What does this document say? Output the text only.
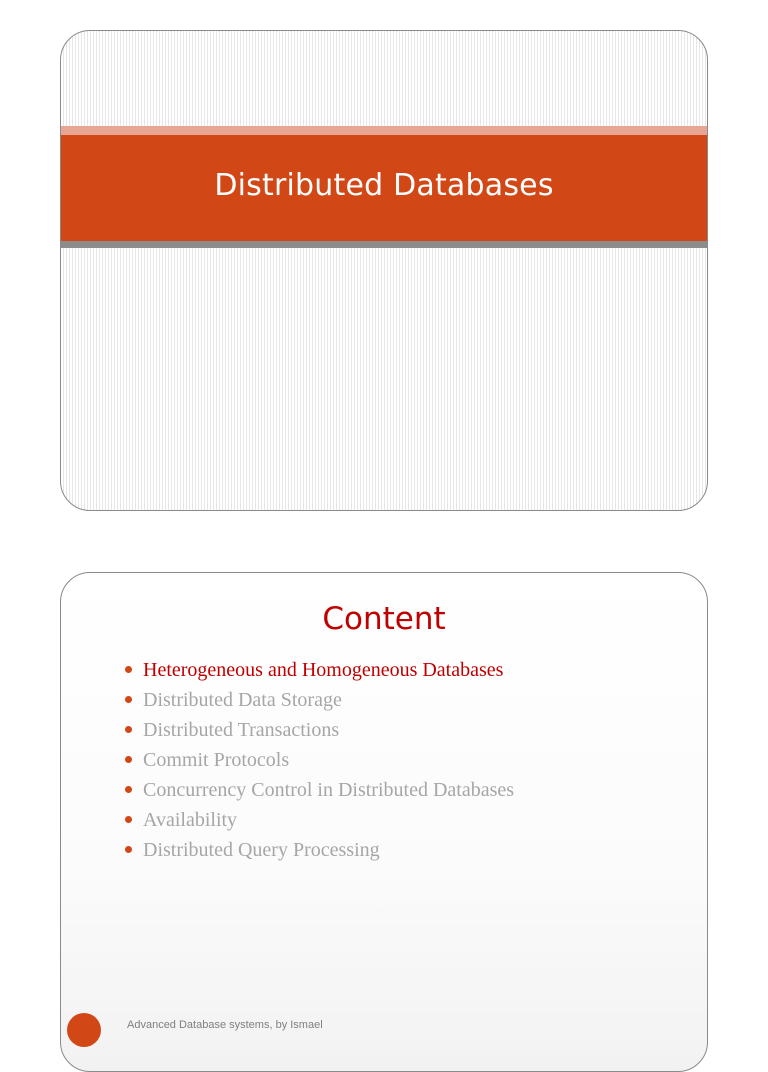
Distributed Databases
Content
Heterogeneous and Homogeneous Databases
Distributed Data Storage
Distributed Transactions
Commit Protocols
Concurrency Control in Distributed Databases
Availability
Distributed Query Processing
Advanced Database systems, by Ismael
